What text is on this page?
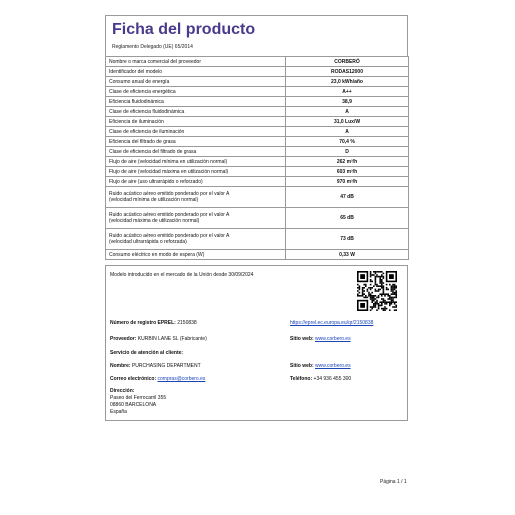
Ficha del producto
Reglamento Delegado (UE) 65/2014
Nombre o marca comercial del proveedor	CORBERÓ

Identificador del modelo	RODAS12000

Consumo anual de energía	23,0 kWh/año

Clase de eficiencia energética	A++

Eficiencia fluidodinámica	38,9

Clase de eficiencia fluidodinámica	A

Eficiencia de iluminación	31,0 Lux/W

Clase de eficiencia de iluminación	A

Eficiencia del filtrado de grasa	70,4 %

Clase de eficiencia del filtrado de grasa	D

Flujo de aire (velocidad mínima en utilización normal)	262 m³/h

Flujo de aire (velocidad máxima en utilización normal)	603 m³/h

Flujo de aire (uso ultrarrápido o reforzado)	970 m³/h

Ruido acústico aéreo emitido ponderado por el valor A
(velocidad mínima de utilización normal)	47 dB

Ruido acústico aéreo emitido ponderado por el valor A
(velocidad máxima de utilización normal)	65 dB

Ruido acústico aéreo emitido ponderado por el valor A
(velocidad ultrarrápida o reforzada)	73 dB

Consumo eléctrico en modo de espera (W)	0,33 W
Modelo introducido en el mercado de la Unión desde 30/09/2024
Número de registro EPREL: 2150838	https://eprel.ec.europa.eu/qr/2150838
Proveedor: KURBIN LANE SL (Fabricante)	Sitio web: www.corbero.es
Servicio de atención al cliente:
Nombre: PURCHASING DEPARTMENT	Sitio web: www.corbero.es
Correo electrónico: compras@corbero.es	Teléfono: +34 936 455 300
Dirección:
Paseo del Ferrocarril 355
08860 BARCELONA
España
Página 1 / 1
